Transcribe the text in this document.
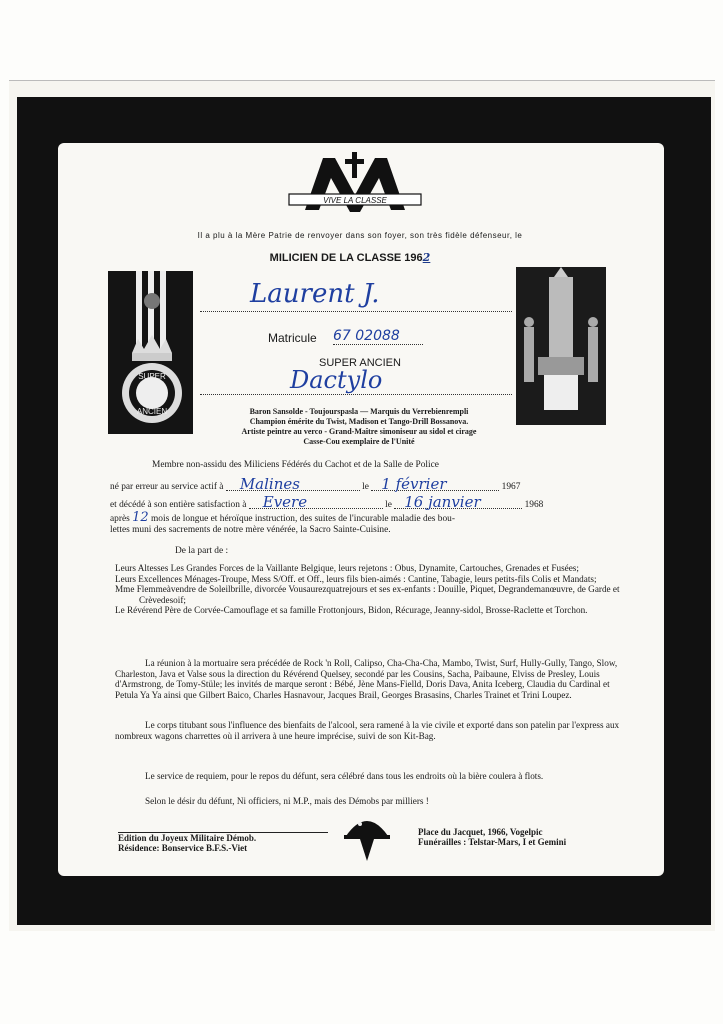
VIVE LA CLASSE
Il a plu à la Mère Patrie de renvoyer dans son foyer, son très fidèle défenseur, le
MILICIEN DE LA CLASSE 1962
SUPER
ANCIEN
Laurent J.
Matricule 67 02088
SUPER ANCIEN
Dactylo
Baron Sansolde - Toujourspasla — Marquis du Verrebienrempli
Champion émérite du Twist, Madison et Tango-Drill Bossanova.
Artiste peintre au verco - Grand-Maître simoniseur au sidol et cirage
Casse-Cou exemplaire de l'Unité
Membre non-assidu des Miliciens Fédérés du Cachot et de la Salle de Police
né par erreur au service actif à Malines	le 1 février	1967
et décédé à son entière satisfaction à Evere	le 16 janvier	1968
après 12 mois de longue et héroïque instruction, des suites de l'incurable maladie des bou-
lettes muni des sacrements de notre mère vénérée, la Sacro Sainte-Cuisine.
De la part de :

Leurs Altesses Les Grandes Forces de la Vaillante Belgique, leurs rejetons : Obus, Dynamite, Cartouches, Grenades et Fusées;

Leurs Excellences Ménages-Troupe, Mess S/Off. et Off., leurs fils bien-aimés : Cantine, Tabagie, leurs petits-fils Colis et Mandats;

Mme Flemmeàvendre de Soleilbrille, divorcée Vousaurezquatrejours et ses ex-enfants : Douille, Piquet, Degrandemanœuvre, de Garde et Crèvedesoif;

Le Révérend Père de Corvée-Camouflage et sa famille Frottonjours, Bidon, Récurage, Jeanny-sidol, Brosse-Raclette et Torchon.

La réunion à la mortuaire sera précédée de Rock 'n Roll, Calipso, Cha-Cha-Cha, Mambo, Twist, Surf, Hully-Gully, Tango, Slow, Charleston, Java et Valse sous la direction du Révérend Quelsey, secondé par les Cousins, Sacha, Paibaune, Elviss de Presley, Louis d'Armstrong, de Tomy-Stüle; les invités de marque seront : Bébé, Jène Mans-Fielld, Doris Dava, Anita Iceberg, Claudia du Cardinal et Petula Ya Ya ainsi que Gilbert Baico, Charles Hasnavour, Jacques Brail, Georges Brasasins, Charles Trainet et Trini Loupez.
Le corps titubant sous l'influence des bienfaits de l'alcool, sera ramené à la vie civile et exporté dans son patelin par l'express aux nombreux wagons charrettes où il arrivera à une heure imprécise, suivi de son Kit-Bag.
Le service de requiem, pour le repos du défunt, sera célébré dans tous les endroits où la bière coulera à flots.
Selon le désir du défunt, Ni officiers, ni M.P., mais des Démobs par milliers !
Edition du Joyeux Militaire Démob.
Résidence: Bonservice B.F.S.-Viet
Place du Jacquet, 1966, Vogelpic
Funérailles : Telstar-Mars, I et Gemini
